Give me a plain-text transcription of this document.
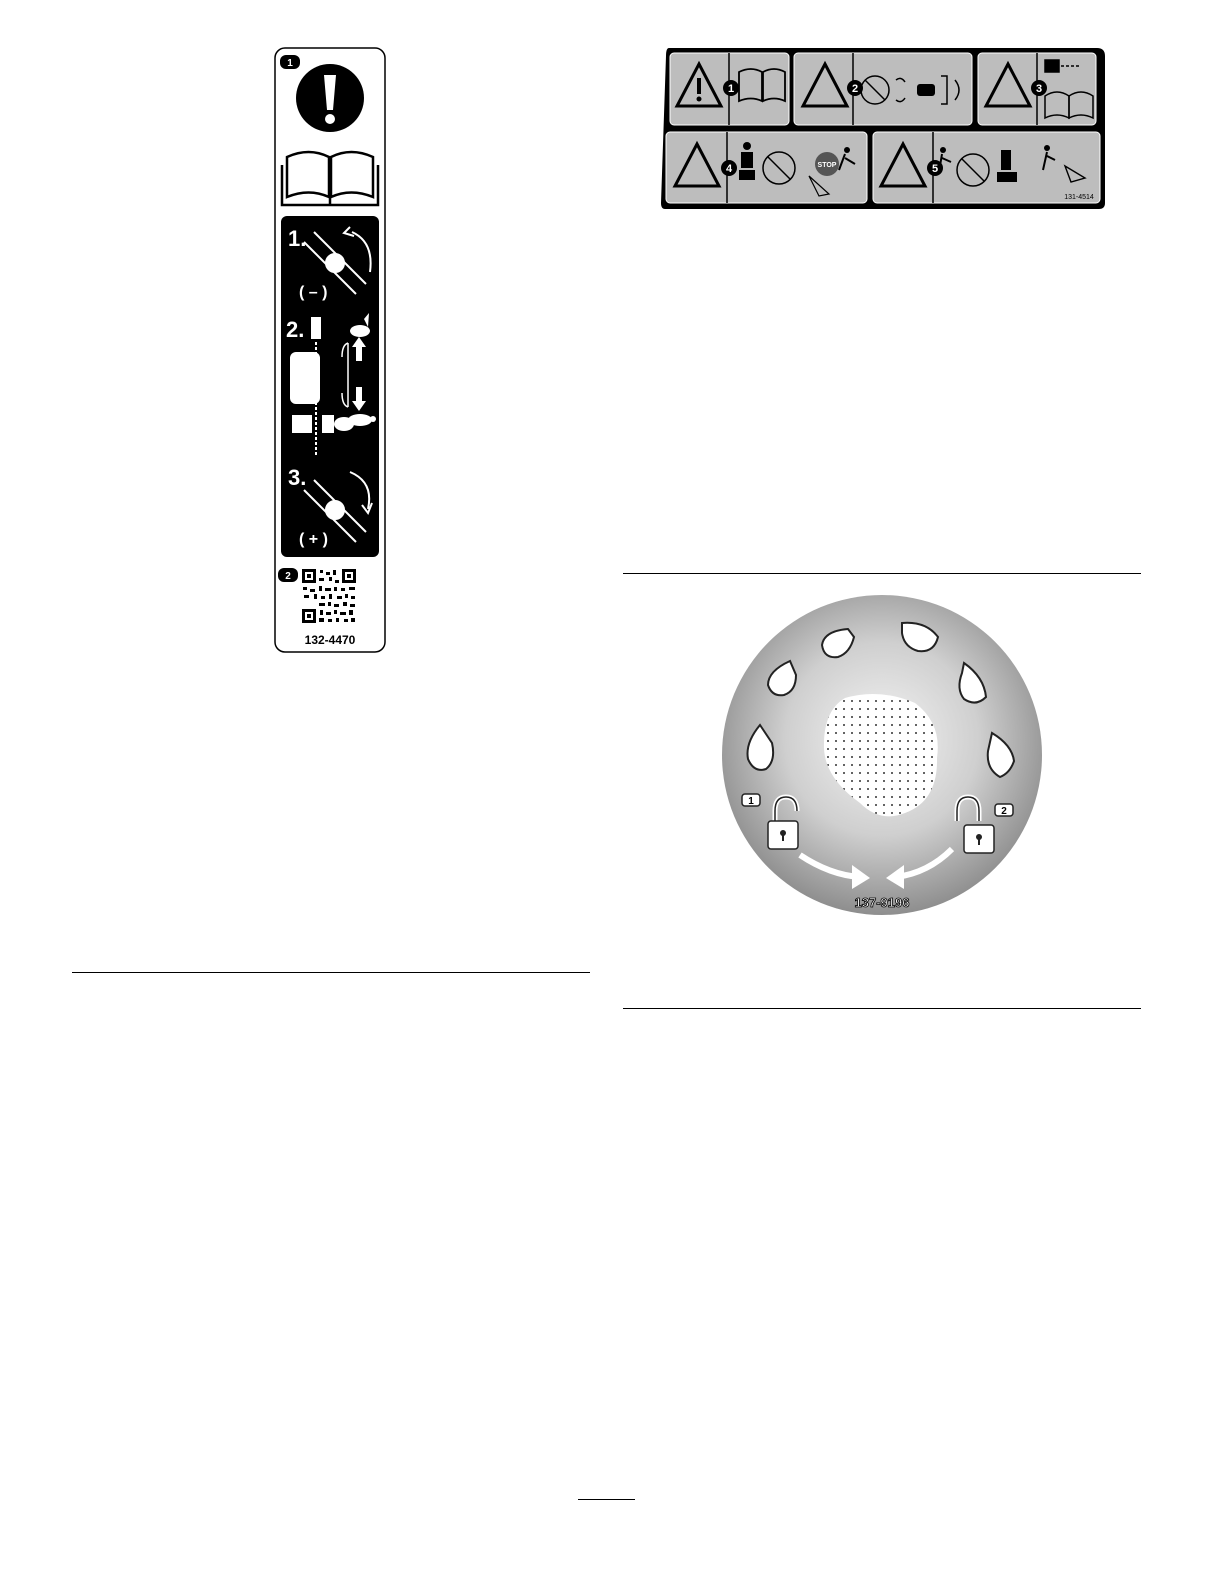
1
1.
( – )
2.
3.
( + )
2
132-4470
STOP
1	2	3
4	5
131-4514
1
2
137-9196
